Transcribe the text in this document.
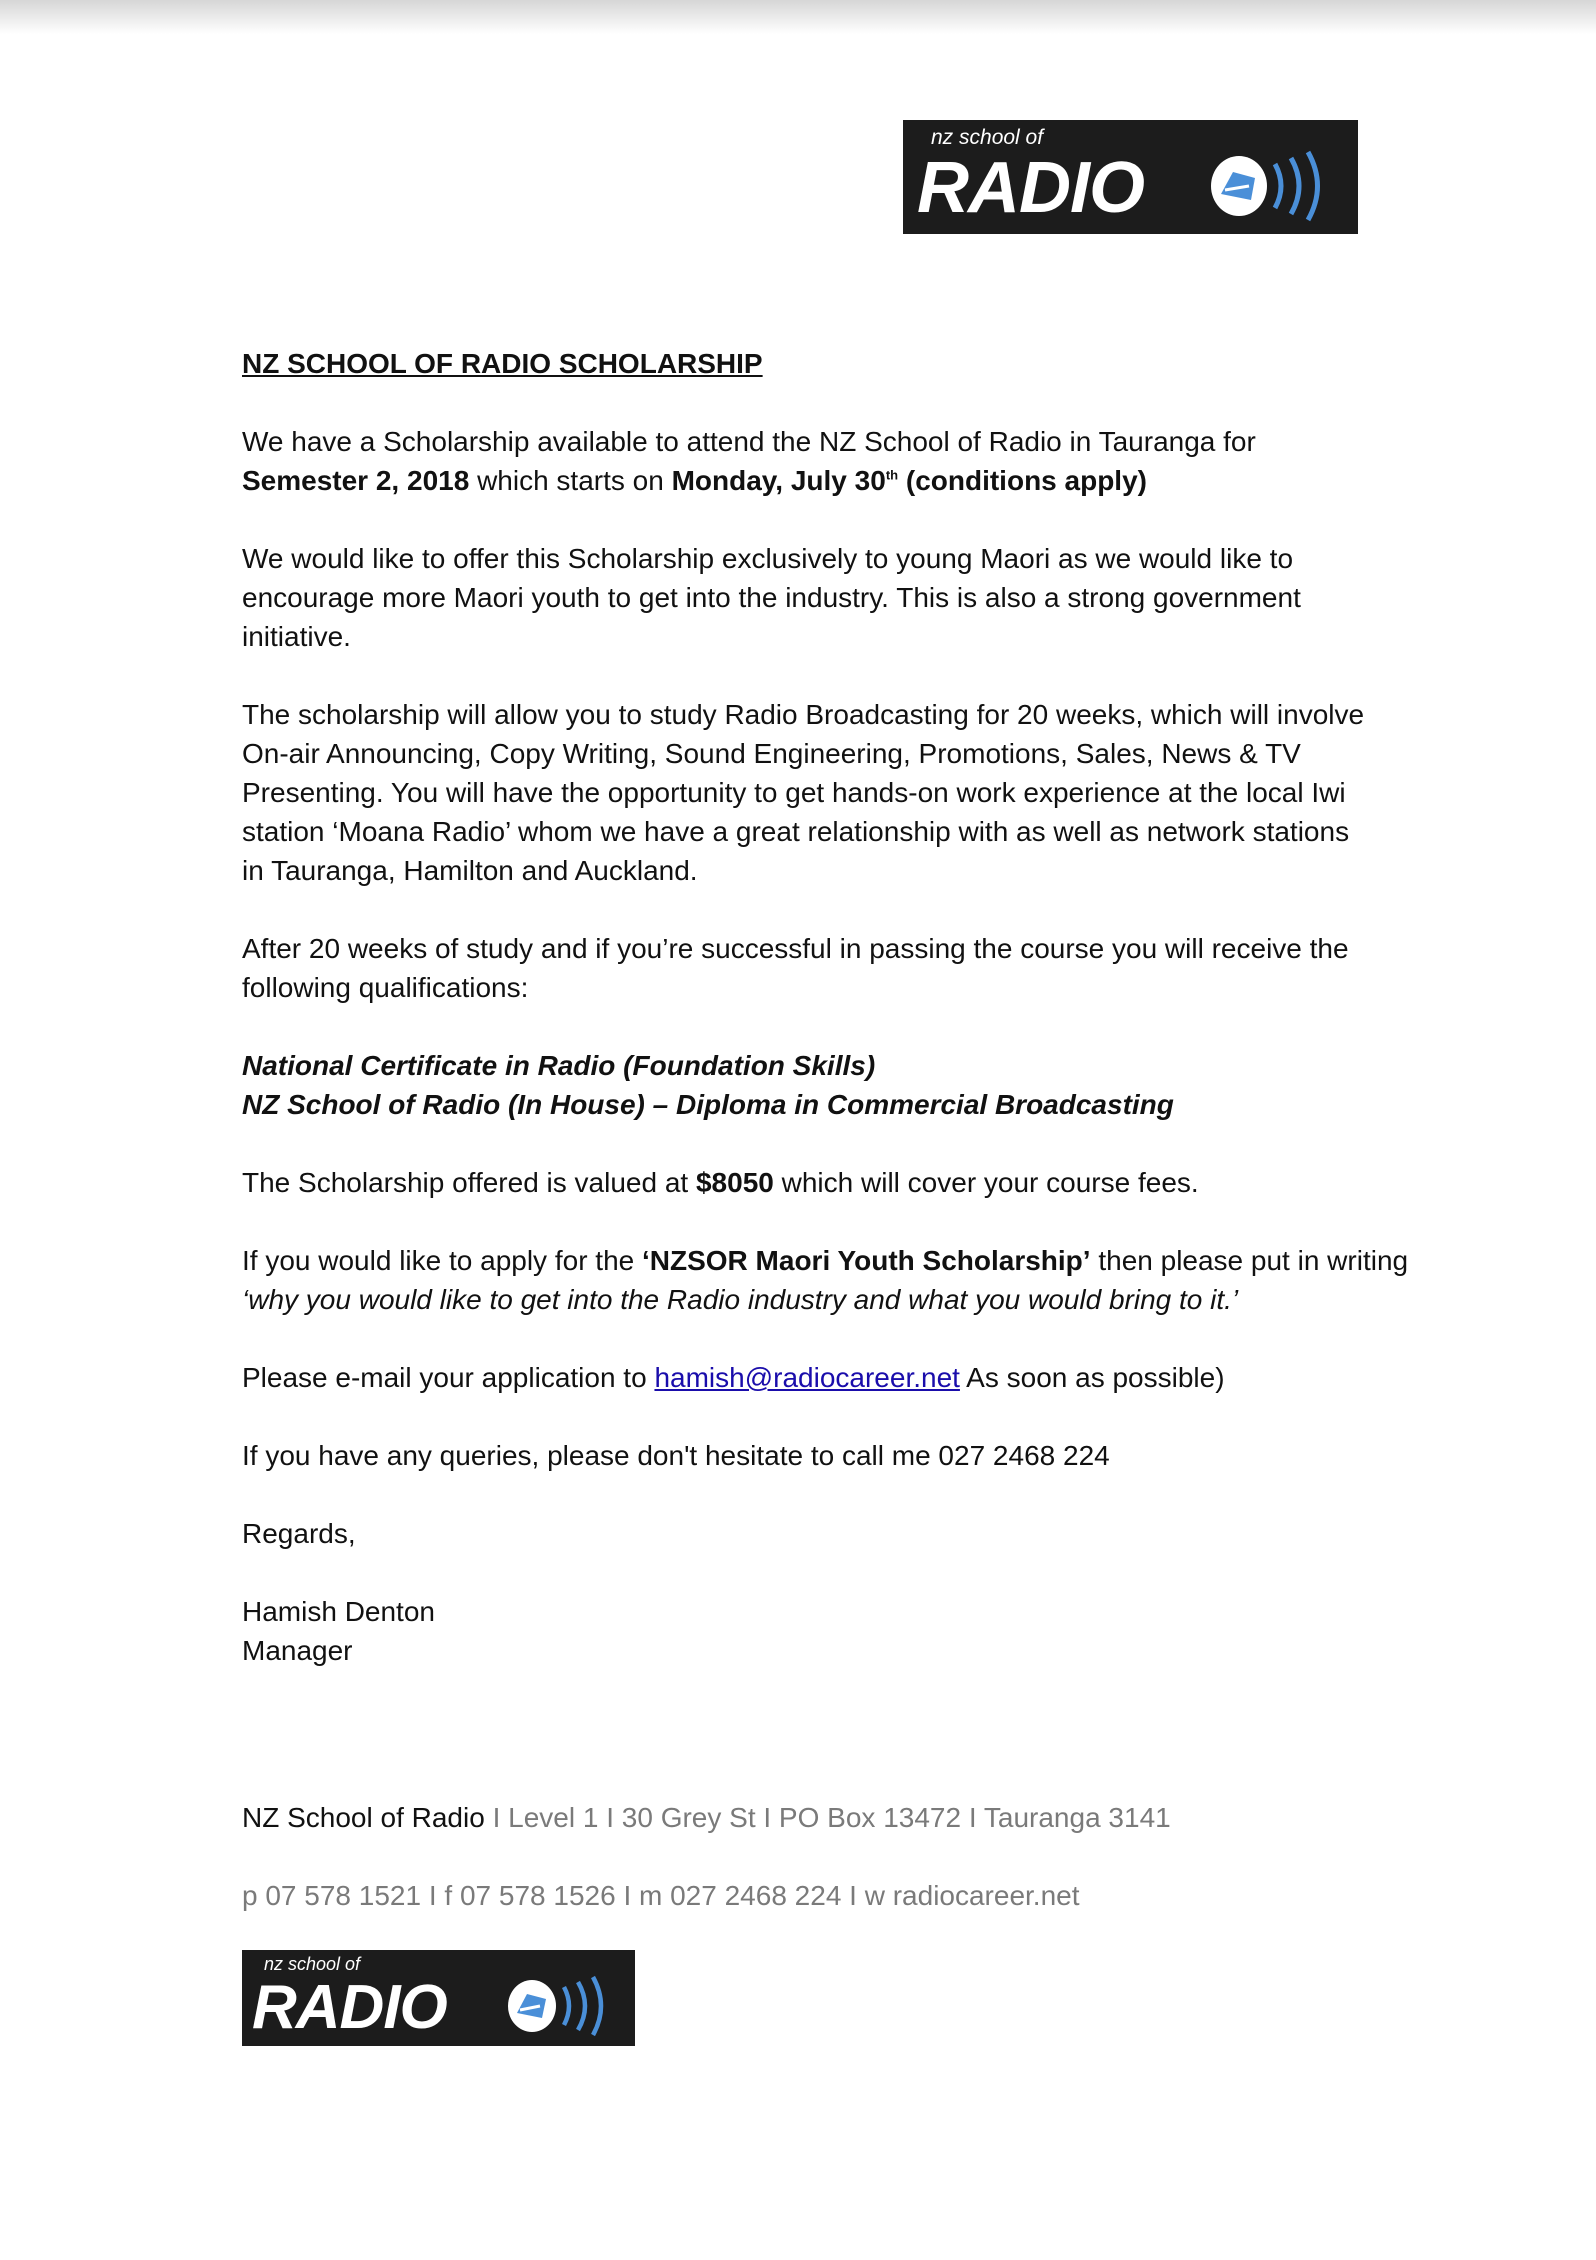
nz school of
RADIO

NZ SCHOOL OF RADIO SCHOLARSHIP

We have a Scholarship available to attend the NZ School of Radio in Tauranga for
Semester 2, 2018 which starts on Monday, July 30th (conditions apply)

We would like to offer this Scholarship exclusively to young Maori as we would like to encourage more Maori youth to get into the industry. This is also a strong government initiative.

The scholarship will allow you to study Radio Broadcasting for 20 weeks, which will involve On-air Announcing, Copy Writing, Sound Engineering, Promotions, Sales, News & TV Presenting. You will have the opportunity to get hands-on work experience at the local Iwi station ‘Moana Radio’ whom we have a great relationship with as well as network stations in Tauranga, Hamilton and Auckland.

After 20 weeks of study and if you’re successful in passing the course you will receive the following qualifications:

National Certificate in Radio (Foundation Skills)
NZ School of Radio (In House) – Diploma in Commercial Broadcasting

The Scholarship offered is valued at $8050 which will cover your course fees.

If you would like to apply for the ‘NZSOR Maori Youth Scholarship’ then please put in writing ‘why you would like to get into the Radio industry and what you would bring to it.’

Please e-mail your application to hamish@radiocareer.net As soon as possible)

If you have any queries, please don't hesitate to call me 027 2468 224

Regards,

Hamish Denton
Manager

NZ School of Radio I Level 1 I 30 Grey St I PO Box 13472 I Tauranga 3141
p 07 578 1521 I f 07 578 1526 I m 027 2468 224 I w radiocareer.net
nz school of
RADIO
